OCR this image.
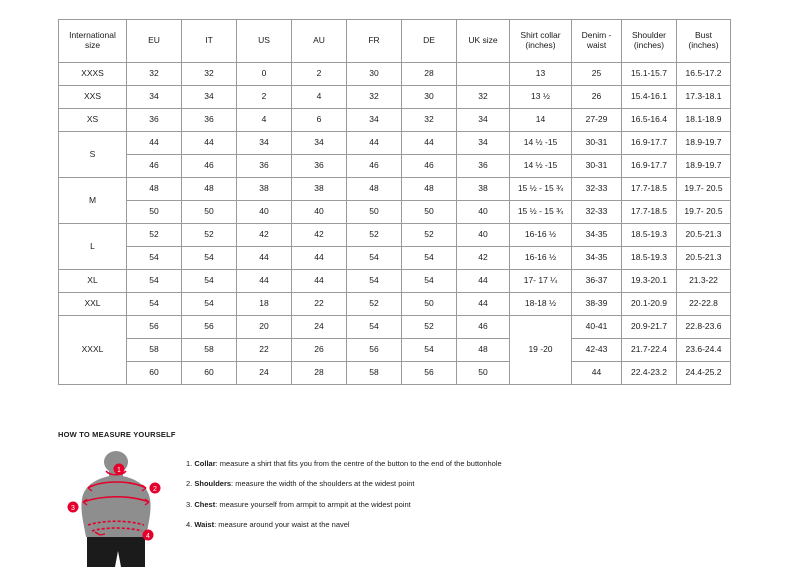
International size	EU	IT	US	AU	FR	DE	UK size	Shirt collar (inches)	Denim - waist	Shoulder (inches)	Bust (inches)
XXXS	32	32	0	2	30	28		13	25	15.1-15.7	16.5-17.2
XXS	34	34	2	4	32	30	32	13 ½	26	15.4-16.1	17.3-18.1
XS	36	36	4	6	34	32	34	14	27-29	16.5-16.4	18.1-18.9
S	44	44	34	34	44	44	34	14 ½ -15	30-31	16.9-17.7	18.9-19.7
	46	46	36	36	46	46	36	14 ½ -15	30-31	16.9-17.7	18.9-19.7
M	48	48	38	38	48	48	38	15 ½ - 15 ¾	32-33	17.7-18.5	19.7- 20.5
	50	50	40	40	50	50	40	15 ½ - 15 ¾	32-33	17.7-18.5	19.7- 20.5
L	52	52	42	42	52	52	40	16-16 ½	34-35	18.5-19.3	20.5-21.3
	54	54	44	44	54	54	42	16-16 ½	34-35	18.5-19.3	20.5-21.3
XL	54	54	44	44	54	54	44	17- 17 ¼	36-37	19.3-20.1	21.3-22
XXL	54	54	18	22	52	50	44	18-18 ½	38-39	20.1-20.9	22-22.8
XXXL	56	56	20	24	54	52	46	19 -20	40-41	20.9-21.7	22.8-23.6
	58	58	22	26	56	54	48		42-43	21.7-22.4	23.6-24.4
	60	60	24	28	58	56	50		44	22.4-23.2	24.4-25.2
HOW TO MEASURE YOURSELF
1
2
3
4
1. Collar: measure a shirt that fits you from the centre of the button to the end of the buttonhole
2. Shoulders: measure the width of the shoulders at the widest point
3. Chest: measure yourself from armpit to armpit at the widest point
4. Waist: measure around your waist at the navel
